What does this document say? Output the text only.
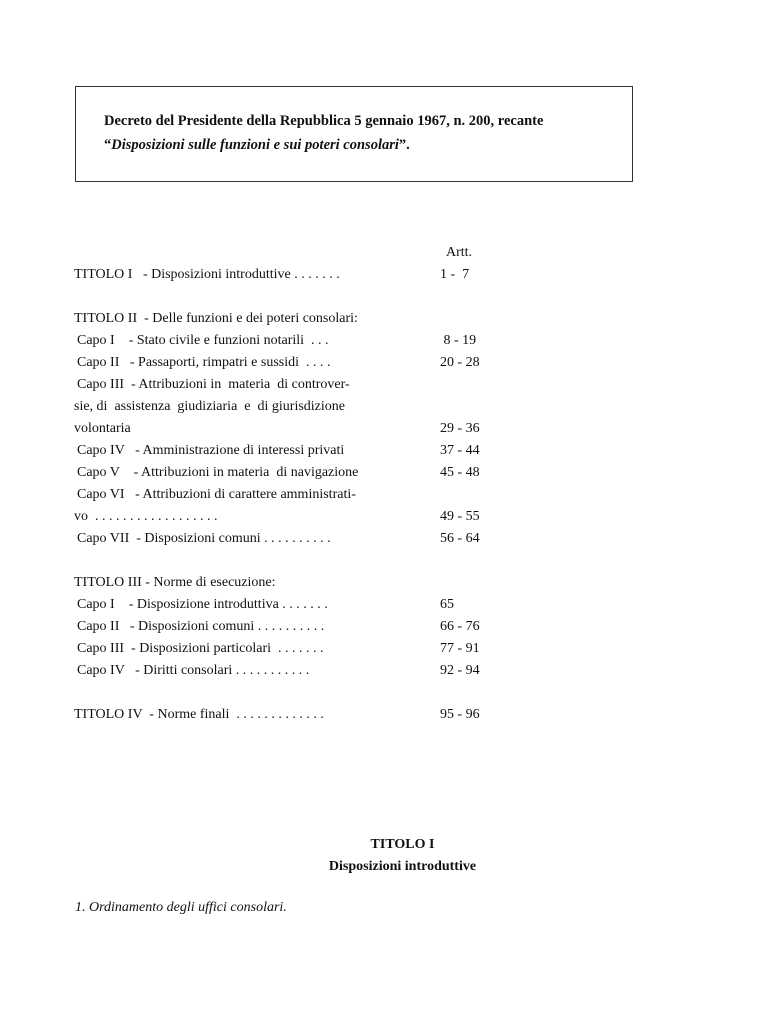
Decreto del Presidente della Repubblica 5 gennaio 1967, n. 200, recante
“Disposizioni sulle funzioni e sui poteri consolari”.
Artt.
TITOLO I   - Disposizioni introduttive . . . . . . .	1 -  7
TITOLO II  - Delle funzioni e dei poteri consolari:
Capo I    - Stato civile e funzioni notarili  . . .	8 - 19
Capo II   - Passaporti, rimpatri e sussidi  . . . .	20 - 28
Capo III  - Attribuzioni in  materia  di controver-
sie, di  assistenza  giudiziaria  e  di giurisdizione
volontaria	29 - 36
Capo IV   - Amministrazione di interessi privati	37 - 44
Capo V    - Attribuzioni in materia  di navigazione	45 - 48
Capo VI   - Attribuzioni di carattere amministrati-
vo  . . . . . . . . . . . . . . . . . .	49 - 55
Capo VII  - Disposizioni comuni . . . . . . . . . .	56 - 64
TITOLO III - Norme di esecuzione:
Capo I    - Disposizione introduttiva . . . . . . .	65
Capo II   - Disposizioni comuni . . . . . . . . . .	66 - 76
Capo III  - Disposizioni particolari  . . . . . . .	77 - 91
Capo IV   - Diritti consolari . . . . . . . . . . .	92 - 94
TITOLO IV  - Norme finali  . . . . . . . . . . . . .	95 - 96
TITOLO I
Disposizioni introduttive
1. Ordinamento degli uffici consolari.
